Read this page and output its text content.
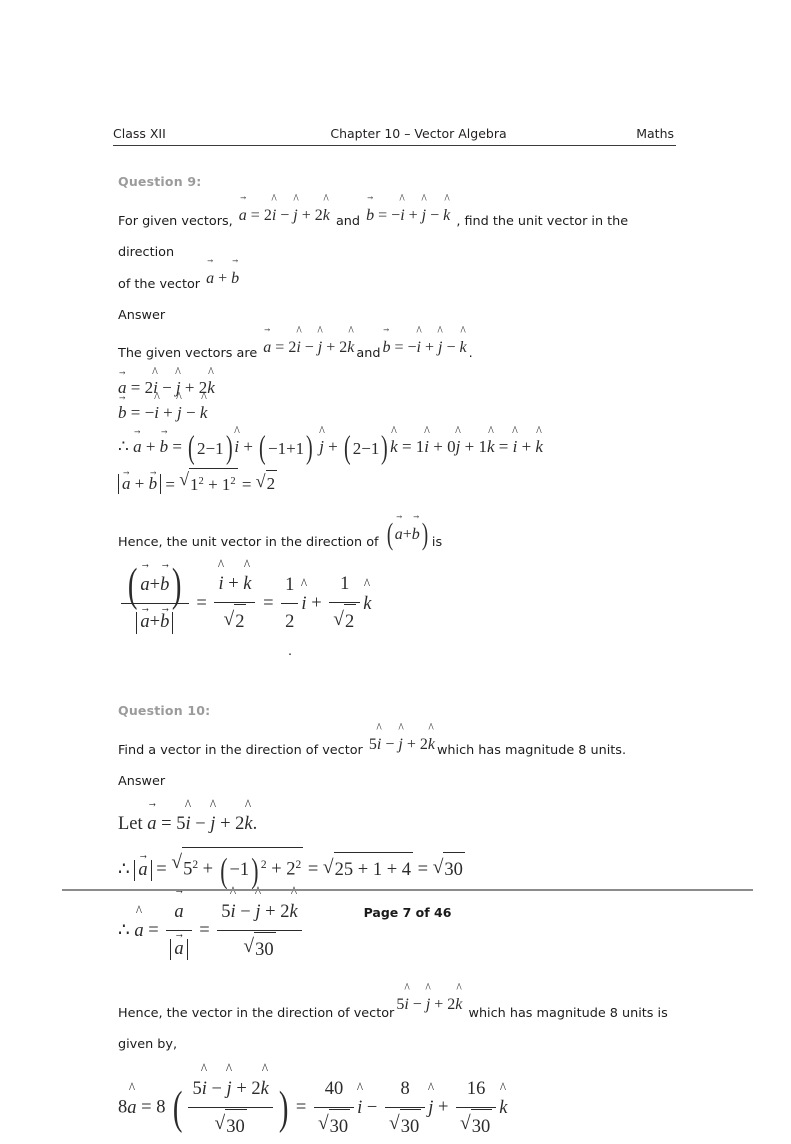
Class XII	Chapter 10 – Vector Algebra	Maths
Question 9:

For given vectors, → a = 2^ i − ^ j + 2^ k and → b = −^ i + ^ j − ^ k , find the unit vector in the direction

of the vector → a + → b

Answer

The given vectors are → a = 2^ i − ^ j + 2^ k and → b = −^ i + ^ j − ^ k .

→ a = 2^ i − ^ j + 2^ k
→ b = −^ i + ^ j − ^ k
∴ → a + → b = ( 2−1 ) ^ i + ( −1+1 ) ^ j + ( 2−1 ) ^ k = 1^ i + 0^ j + 1^ k = ^ i + ^ k
→ a + → b = √ $1^2 + 1^2$ = √ 2

Hence, the unit vector in the direction of ( → a + → b ) is

( → a + → b )
→ a+→ b = ^ i + ^ k
√ $2 = \frac{1}{2}$ ^ i + 1
√ 2 ^ k
.
Question 10:

Find a vector in the direction of vector 5^ i − ^ j + 2^ k which has magnitude 8 units.

Answer

Let → a = 5^ i − ^ j + 2^ k.
∴ → a = √ $5^2$ + ( −1 ) $^2 + 2^2$ = √ 25 + 1 + 4 = √ 30
∴ ^ a = → a
→ a = 5^ i − ^ j + 2^ k
√ 30

Hence, the vector in the direction of vector5^ i − ^ j + 2^ k which has magnitude 8 units is

given by,

8^ a = 8 ( 5^ i − ^ j + 2^ k
√ 30 ) = 40
√ 30 ^ i − 8
√ 30 ^ j + 16
√ 30 ^ k
Page 7 of 46
